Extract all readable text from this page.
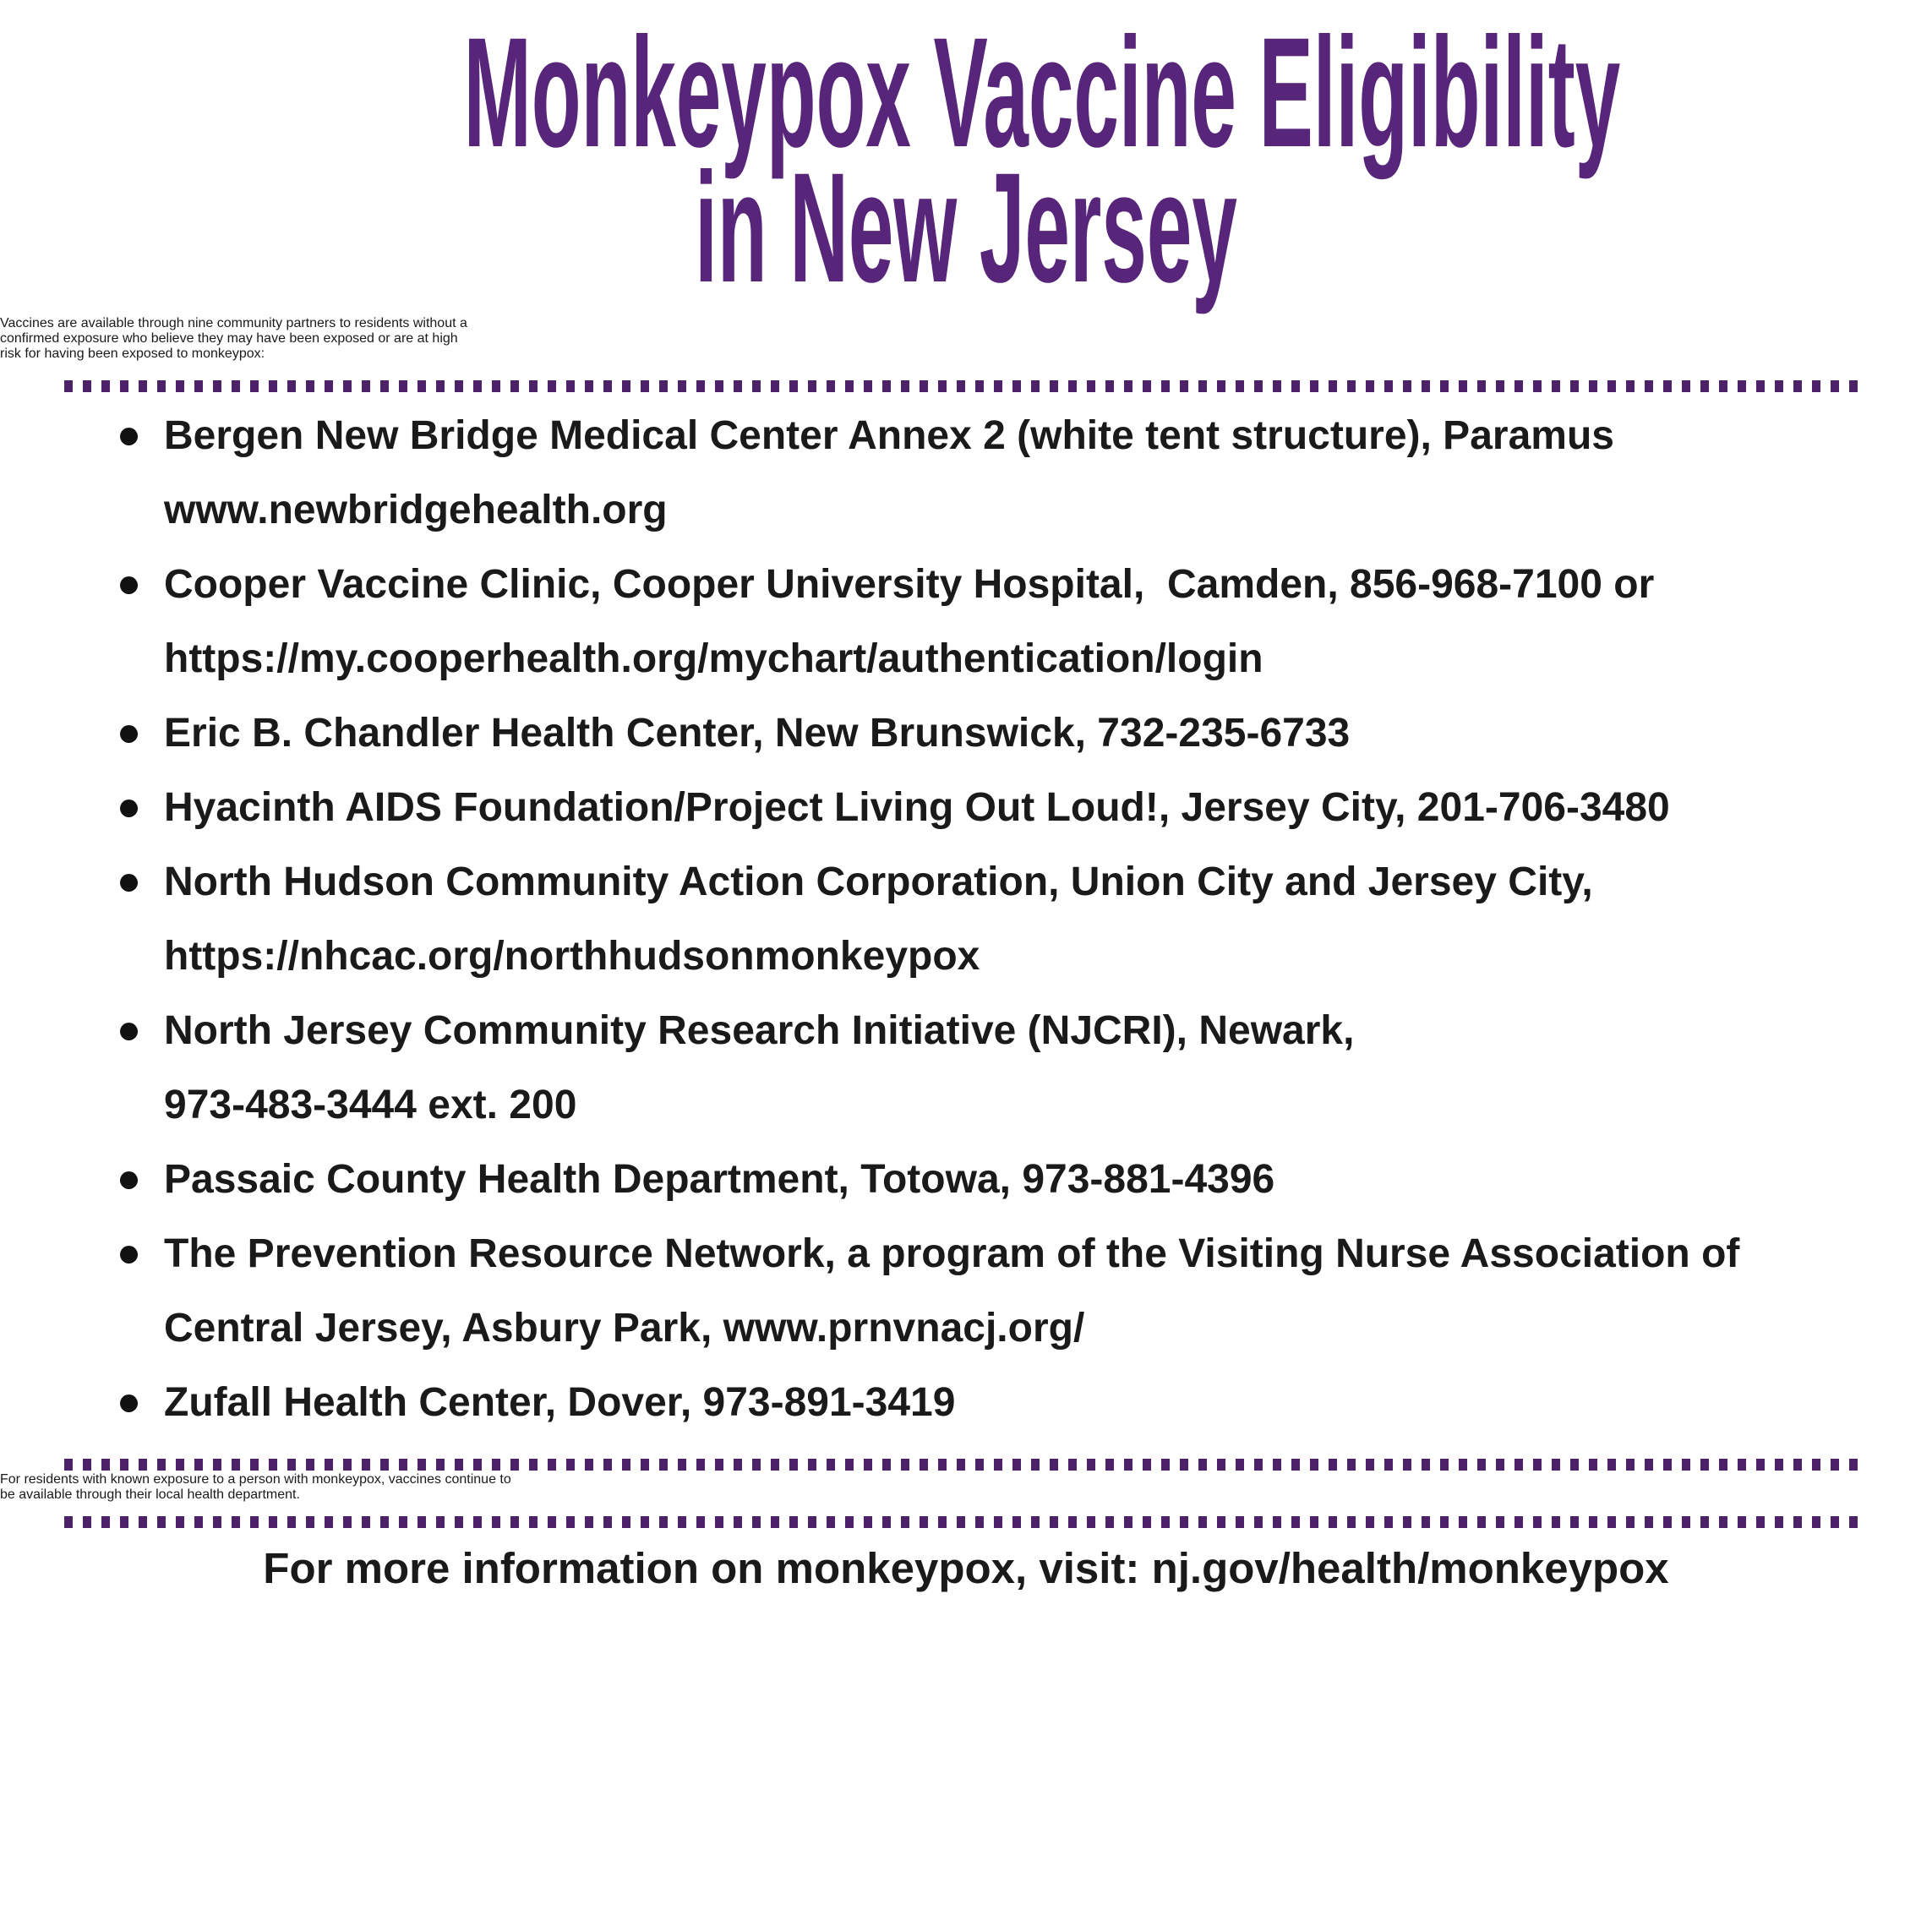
Monkeypox Vaccine Eligibility
in New Jersey

Vaccines are available through nine community partners to residents without a
confirmed exposure who believe they may have been exposed or are at high
risk for having been exposed to monkeypox:

Bergen New Bridge Medical Center Annex 2 (white tent structure), Paramus
www.newbridgehealth.org
Cooper Vaccine Clinic, Cooper University Hospital,  Camden, 856-968-7100 or
https://my.cooperhealth.org/mychart/authentication/login
Eric B. Chandler Health Center, New Brunswick, 732-235-6733
Hyacinth AIDS Foundation/Project Living Out Loud!, Jersey City, 201-706-3480
North Hudson Community Action Corporation, Union City and Jersey City,
https://nhcac.org/northhudsonmonkeypox
North Jersey Community Research Initiative (NJCRI), Newark,
973-483-3444 ext. 200
Passaic County Health Department, Totowa, 973-881-4396
The Prevention Resource Network, a program of the Visiting Nurse Association of
Central Jersey, Asbury Park, www.prnvnacj.org/
Zufall Health Center, Dover, 973-891-3419

For residents with known exposure to a person with monkeypox, vaccines continue to
be available through their local health department.

For more information on monkeypox, visit: nj.gov/health/monkeypox
